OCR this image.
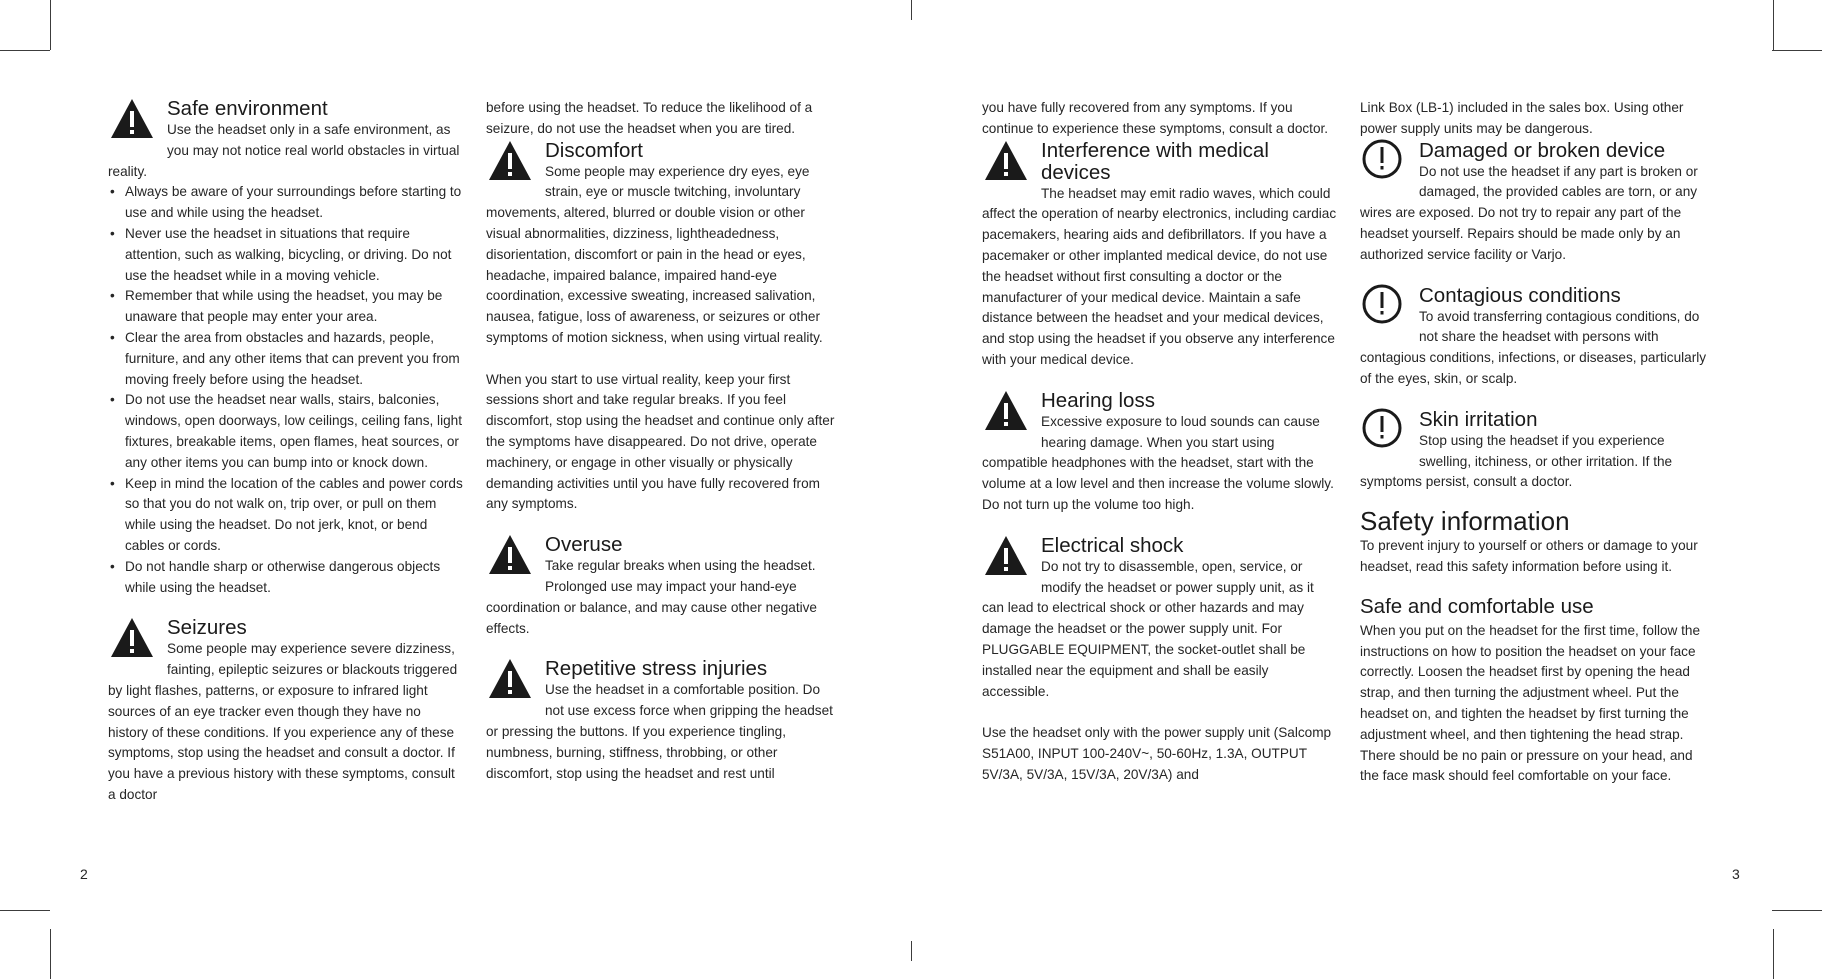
Safe environment

Use the headset only in a safe environment, as you may not notice real world obstacles in virtual reality.

• Always be aware of your surroundings before starting to use and while using the headset.
• Never use the headset in situations that require attention, such as walking, bicycling, or driving. Do not use the headset while in a moving vehicle.
• Remember that while using the headset, you may be unaware that people may enter your area.
• Clear the area from obstacles and hazards, people, furniture, and any other items that can prevent you from moving freely before using the headset.
• Do not use the headset near walls, stairs, balconies, windows, open doorways, low ceilings, ceiling fans, light fixtures, breakable items, open flames, heat sources, or any other items you can bump into or knock down.
• Keep in mind the location of the cables and power cords so that you do not walk on, trip over, or pull on them while using the headset. Do not jerk, knot, or bend cables or cords.
• Do not handle sharp or otherwise dangerous objects while using the headset.
Seizures

Some people may experience severe dizziness, fainting, epileptic seizures or blackouts triggered by light flashes, patterns, or exposure to infrared light sources of an eye tracker even though they have no history of these conditions. If you experience any of these symptoms, stop using the headset and consult a doctor. If you have a previous history with these symptoms, consult a doctor

before using the headset. To reduce the likelihood of a seizure, do not use the headset when you are tired.

Discomfort

Some people may experience dry eyes, eye strain, eye or muscle twitching, involuntary movements, altered, blurred or double vision or other visual abnormalities, dizziness, lightheadedness, disorientation, discomfort or pain in the head or eyes, headache, impaired balance, impaired hand-eye coordination, excessive sweating, increased salivation, nausea, fatigue, loss of awareness, or seizures or other symptoms of motion sickness, when using virtual reality.

When you start to use virtual reality, keep your first sessions short and take regular breaks. If you feel discomfort, stop using the headset and continue only after the symptoms have disappeared. Do not drive, operate machinery, or engage in other visually or physically demanding activities until you have fully recovered from any symptoms.

Overuse

Take regular breaks when using the headset. Prolonged use may impact your hand-eye coordination or balance, and may cause other negative effects.

Repetitive stress injuries

Use the headset in a comfortable position. Do not use excess force when gripping the headset or pressing the buttons. If you experience tingling, numbness, burning, stiffness, throbbing, or other discomfort, stop using the headset and rest until

you have fully recovered from any symptoms. If you continue to experience these symptoms, consult a doctor.

Interference with medical devices

The headset may emit radio waves, which could affect the operation of nearby electronics, including cardiac pacemakers, hearing aids and defibrillators. If you have a pacemaker or other implanted medical device, do not use the headset without first consulting a doctor or the manufacturer of your medical device. Maintain a safe distance between the headset and your medical devices, and stop using the headset if you observe any interference with your medical device.

Hearing loss

Excessive exposure to loud sounds can cause hearing damage. When you start using compatible headphones with the headset, start with the volume at a low level and then increase the volume slowly. Do not turn up the volume too high.

Electrical shock

Do not try to disassemble, open, service, or modify the headset or power supply unit, as it can lead to electrical shock or other hazards and may damage the headset or the power supply unit. For PLUGGABLE EQUIPMENT, the socket-outlet shall be installed near the equipment and shall be easily accessible.

Use the headset only with the power supply unit (Salcomp S51A00, INPUT 100-240V~, 50-60Hz, 1.3A, OUTPUT 5V/3A, 5V/3A, 15V/3A, 20V/3A) and

Link Box (LB-1) included in the sales box. Using other power supply units may be dangerous.

Damaged or broken device

Do not use the headset if any part is broken or damaged, the provided cables are torn, or any wires are exposed. Do not try to repair any part of the headset yourself. Repairs should be made only by an authorized service facility or Varjo.

Contagious conditions

To avoid transferring contagious conditions, do not share the headset with persons with contagious conditions, infections, or diseases, particularly of the eyes, skin, or scalp.

Skin irritation

Stop using the headset if you experience swelling, itchiness, or other irritation. If the symptoms persist, consult a doctor.

Safety information

To prevent injury to yourself or others or damage to your headset, read this safety information before using it.

Safe and comfortable use

When you put on the headset for the first time, follow the instructions on how to position the headset on your face correctly. Loosen the headset first by opening the head strap, and then turning the adjustment wheel. Put the headset on, and tighten the headset by first turning the adjustment wheel, and then tightening the head strap. There should be no pain or pressure on your head, and the face mask should feel comfortable on your face.

2	3
